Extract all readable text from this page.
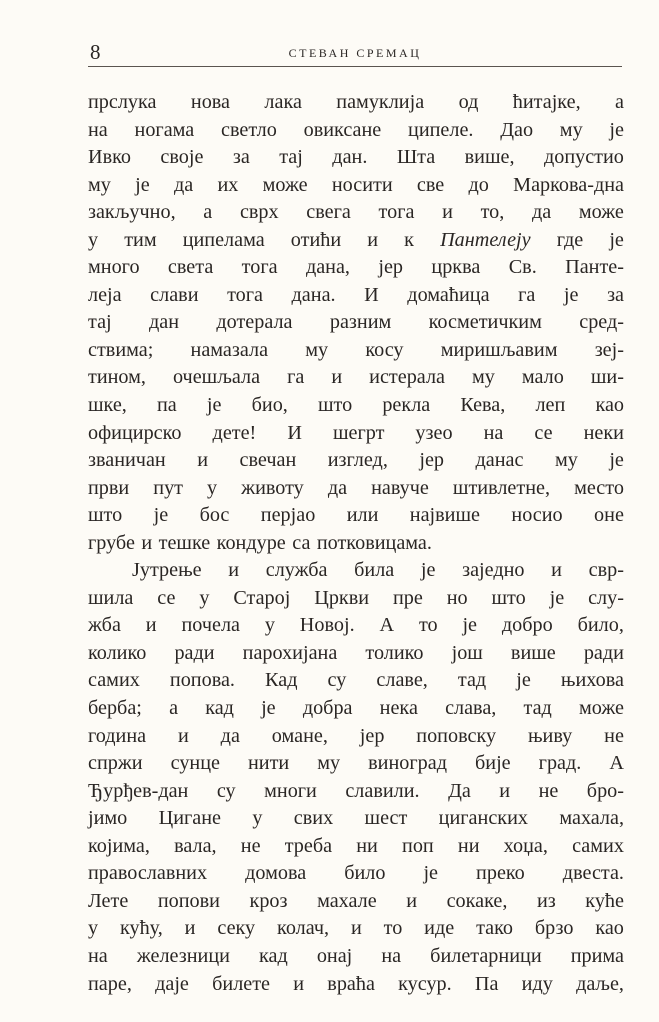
8	СТЕВАН СРЕМАЦ
прслука нова лака памуклија од ћитајке, а
на ногама светло овиксане ципеле. Дао му је
Ивко своје за тај дан. Шта више, допустио
му је да их може носити све до Маркова-дна
закључно, а сврх свега тога и то, да може
у тим ципелама отићи и к Пантелеју где је
много света тога дана, јер црква Св. Панте-
леја слави тога дана. И домаћица га је за
тај дан дотерала разним косметичким сред-
ствима; намазала му косу миришљавим зеј-
тином, очешљала га и истерала му мало ши-
шке, па је био, што рекла Кева, леп као
официрско дете! И шегрт узео на се неки
званичан и свечан изглед, јер данас му је
први пут у животу да навуче штивлетне, место
што је бос перјао или највише носио оне
грубе и тешке кондуре са потковицама.
Јутрење и служба била је заједно и свр-
шила се у Старој Цркви пре но што је слу-
жба и почела у Новој. А то је добро било,
колико ради парохијана толико још више ради
самих попова. Кад су славе, тад је њихова
берба; а кад је добра нека слава, тад може
година и да омане, јер поповску њиву не
спржи сунце нити му виноград бије град. А
Ђурђев-дан су многи славили. Да и не бро-
јимо Цигане у свих шест циганских махала,
којима, вала, не треба ни поп ни хоџа, самих
православних домова било је преко двеста.
Лете попови кроз махале и сокаке, из куће
у кућу, и секу колач, и то иде тако брзо као
на железници кад онај на билетарници прима
паре, даје билете и враћа кусур. Па иду даље,
